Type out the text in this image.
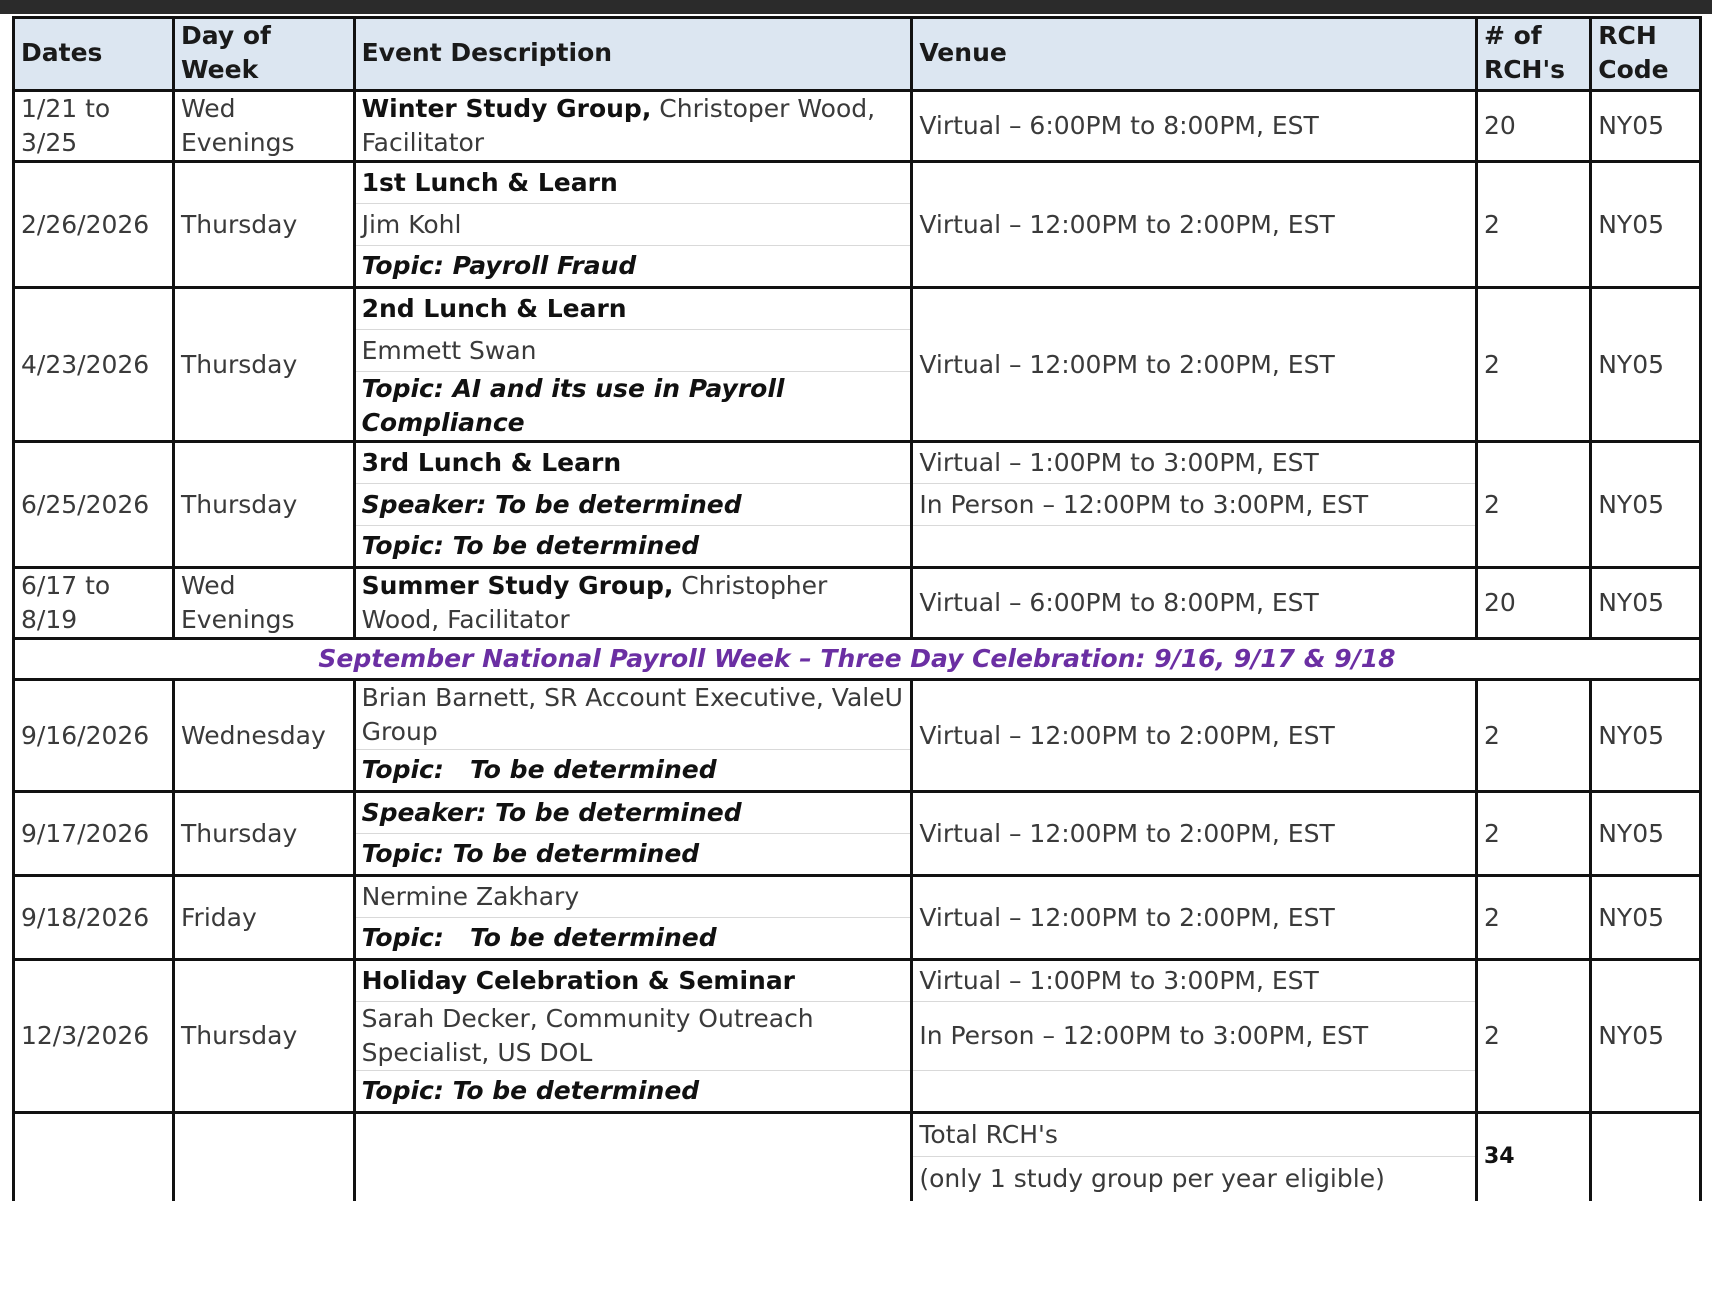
Dates	Day of Week	Event Description	Venue	# of RCH's	RCH Code
1/21 to 3/25	Wed Evenings	Winter Study Group, Christoper Wood, Facilitator	Virtual – 6:00PM to 8:00PM, EST	20	NY05
2/26/2026	Thursday	1st Lunch & Learn	Virtual – 12:00PM to 2:00PM, EST	2	NY05
		Jim Kohl			
		Topic: Payroll Fraud			
4/23/2026	Thursday	2nd Lunch & Learn	Virtual – 12:00PM to 2:00PM, EST	2	NY05
		Emmett Swan			
		Topic: AI and its use in Payroll Compliance			
6/25/2026	Thursday	3rd Lunch & Learn	Virtual – 1:00PM to 3:00PM, EST	2	NY05
		Speaker: To be determined	In Person – 12:00PM to 3:00PM, EST		
		Topic: To be determined			
6/17 to 8/19	Wed Evenings	Summer Study Group, Christopher Wood, Facilitator	Virtual – 6:00PM to 8:00PM, EST	20	NY05
September National Payroll Week – Three Day Celebration: 9/16, 9/17 & 9/18					
9/16/2026	Wednesday	Brian Barnett, SR Account Executive, ValeU Group	Virtual – 12:00PM to 2:00PM, EST	2	NY05
		Topic:   To be determined			
9/17/2026	Thursday	Speaker: To be determined	Virtual – 12:00PM to 2:00PM, EST	2	NY05
		Topic: To be determined			
9/18/2026	Friday	Nermine Zakhary	Virtual – 12:00PM to 2:00PM, EST	2	NY05
		Topic:   To be determined			
12/3/2026	Thursday	Holiday Celebration & Seminar	Virtual – 1:00PM to 3:00PM, EST	2	NY05
		Sarah Decker, Community Outreach Specialist, US DOL	In Person – 12:00PM to 3:00PM, EST		
		Topic: To be determined			
			Total RCH's	34	
			(only 1 study group per year eligible)		
